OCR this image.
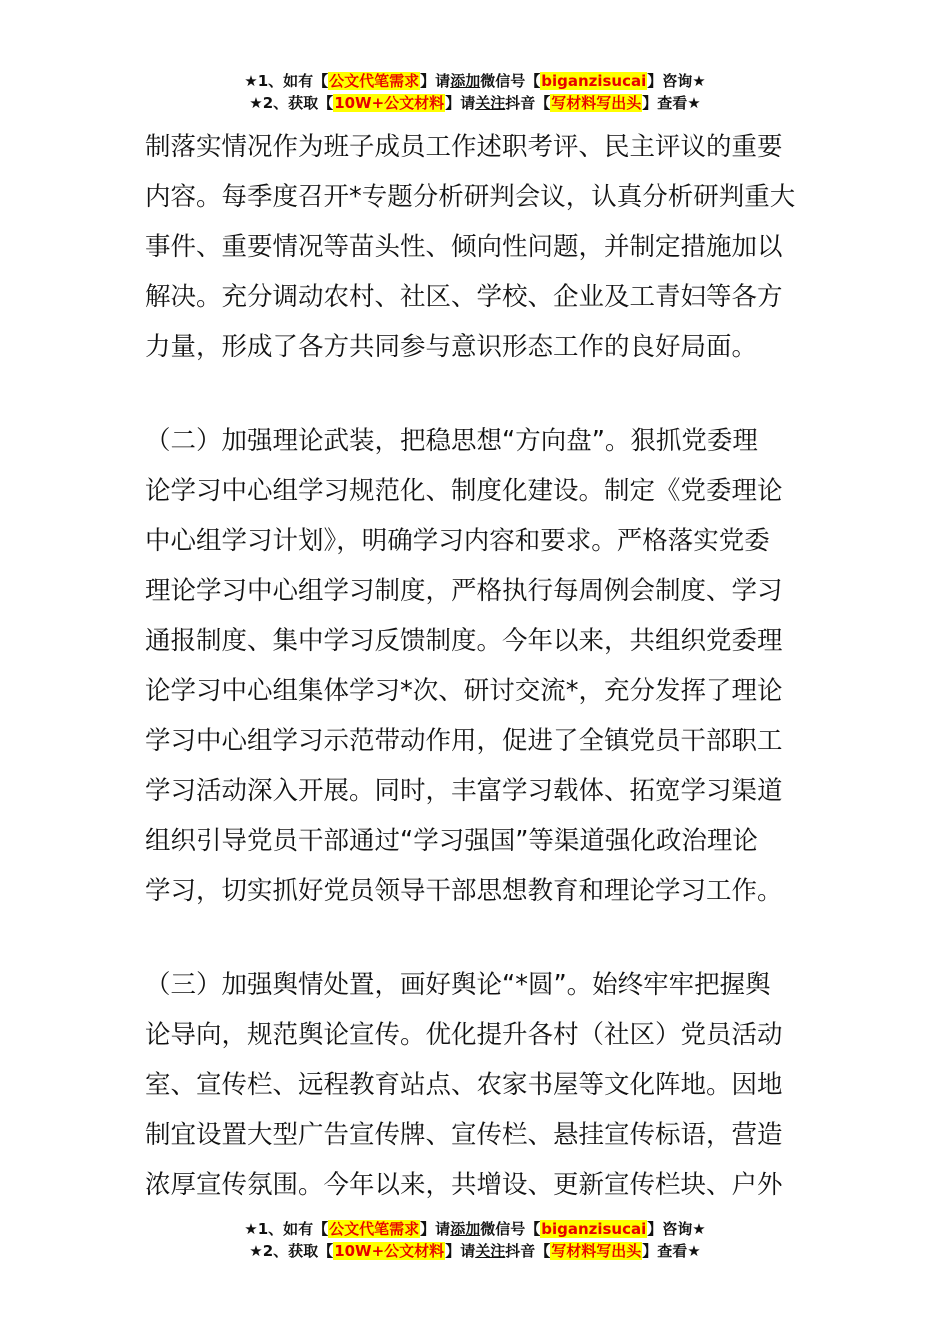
★1、如有【公文代笔需求】请添加微信号【biganzisucai】咨询★
★2、获取【10W+公文材料】请关注抖音【写材料写出头】查看★
制落实情况作为班子成员工作述职考评、民主评议的重要
内容。每季度召开*专题分析研判会议，认真分析研判重大
事件、重要情况等苗头性、倾向性问题，并制定措施加以
解决。充分调动农村、社区、学校、企业及工青妇等各方
力量，形成了各方共同参与意识形态工作的良好局面。
（二）加强理论武装，把稳思想“方向盘”。狠抓党委理
论学习中心组学习规范化、制度化建设。制定《党委理论
中心组学习计划》，明确学习内容和要求。严格落实党委
理论学习中心组学习制度，严格执行每周例会制度、学习
通报制度、集中学习反馈制度。今年以来，共组织党委理
论学习中心组集体学习*次、研讨交流*，充分发挥了理论
学习中心组学习示范带动作用，促进了全镇党员干部职工
学习活动深入开展。同时，丰富学习载体、拓宽学习渠道
组织引导党员干部通过“学习强国”等渠道强化政治理论
学习，切实抓好党员领导干部思想教育和理论学习工作。
（三）加强舆情处置，画好舆论“*圆”。始终牢牢把握舆
论导向，规范舆论宣传。优化提升各村（社区）党员活动
室、宣传栏、远程教育站点、农家书屋等文化阵地。因地
制宜设置大型广告宣传牌、宣传栏、悬挂宣传标语，营造
浓厚宣传氛围。今年以来，共增设、更新宣传栏块、户外
★1、如有【公文代笔需求】请添加微信号【biganzisucai】咨询★
★2、获取【10W+公文材料】请关注抖音【写材料写出头】查看★
